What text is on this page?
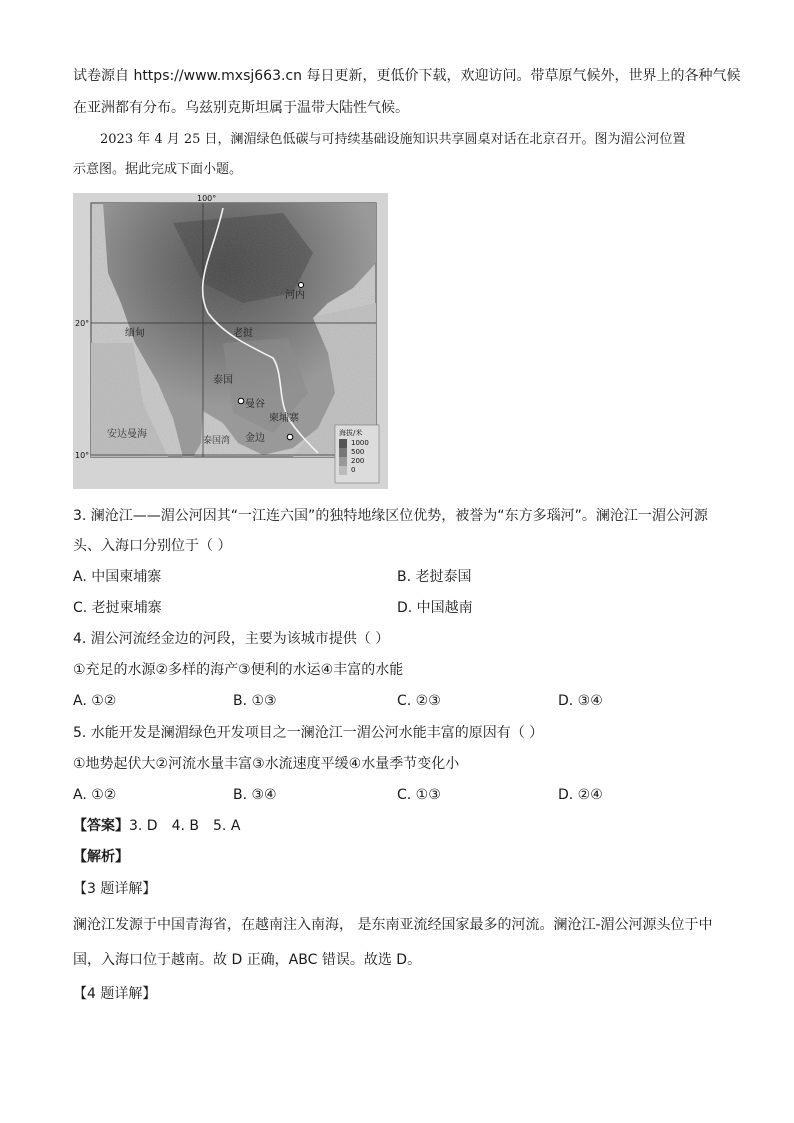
试卷源自 https://www.mxsj663.cn 每日更新，更低价下载，欢迎访问。带草原气候外，世界上的各种气候
在亚洲都有分布。乌兹别克斯坦属于温带大陆性气候。
2023 年 4 月 25 日，澜湄绿色低碳与可持续基础设施知识共享圆桌对话在北京召开。图为湄公河位置
示意图。据此完成下面小题。
100°
20°
10°
河内
缅甸	老挝
泰国
曼谷
柬埔寨
金边
安达曼海
泰国湾
海拔/米
1000
500
200
0
3. 澜沧江——湄公河因其“一江连六国”的独特地缘区位优势，被誉为“东方多瑙河”。澜沧江一湄公河源
头、入海口分别位于（ ）
A. 中国柬埔寨	B. 老挝泰国
C. 老挝柬埔寨	D. 中国越南
4. 湄公河流经金边的河段，主要为该城市提供（ ）
①充足的水源②多样的海产③便利的水运④丰富的水能
A. ①②	B. ①③	C. ②③	D. ③④
5. 水能开发是澜湄绿色开发项目之一澜沧江一湄公河水能丰富的原因有（ ）
①地势起伏大②河流水量丰富③水流速度平缓④水量季节变化小
A. ①②	B. ③④	C. ①③	D. ②④
【答案】3. D 4. B 5. A
【解析】
【3 题详解】
澜沧江发源于中国青海省，在越南注入南海， 是东南亚流经国家最多的河流。澜沧江-湄公河源头位于中
国，入海口位于越南。故 D 正确，ABC 错误。故选 D。
【4 题详解】
